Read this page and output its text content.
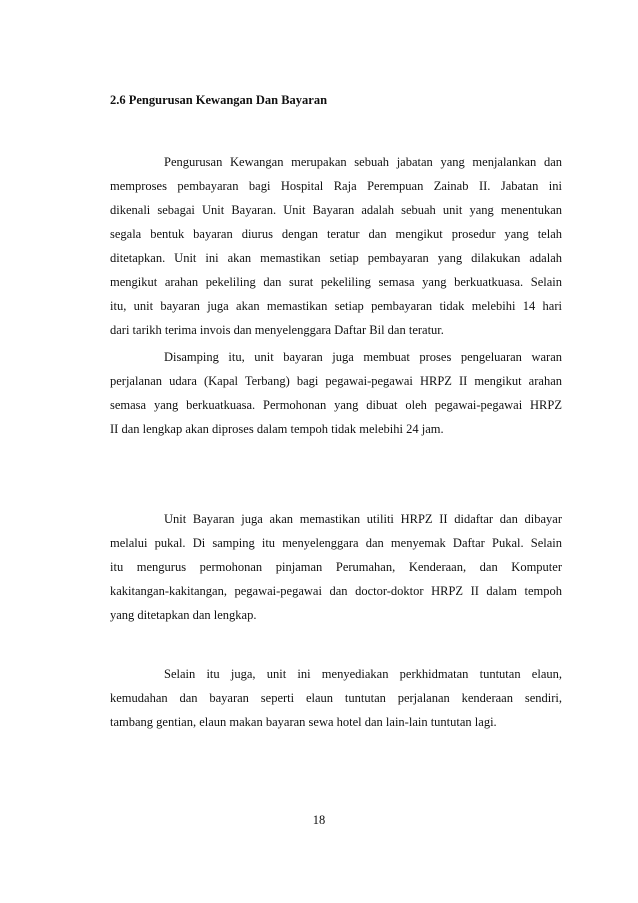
2.6 Pengurusan Kewangan Dan Bayaran
Pengurusan Kewangan merupakan sebuah jabatan yang menjalankan dan
memproses pembayaran bagi Hospital Raja Perempuan Zainab II. Jabatan ini
dikenali sebagai Unit Bayaran. Unit Bayaran adalah sebuah unit yang menentukan
segala bentuk bayaran diurus dengan teratur dan mengikut prosedur yang telah
ditetapkan. Unit ini akan memastikan setiap pembayaran yang dilakukan adalah
mengikut arahan pekeliling dan surat pekeliling semasa yang berkuatkuasa. Selain
itu, unit bayaran juga akan memastikan setiap pembayaran tidak melebihi 14 hari
dari tarikh terima invois dan menyelenggara Daftar Bil dan teratur.
Disamping itu, unit bayaran juga membuat proses pengeluaran waran
perjalanan udara (Kapal Terbang) bagi pegawai-pegawai HRPZ II mengikut arahan
semasa yang berkuatkuasa. Permohonan yang dibuat oleh pegawai-pegawai HRPZ
II dan lengkap akan diproses dalam tempoh tidak melebihi 24 jam.
Unit Bayaran juga akan memastikan utiliti HRPZ II didaftar dan dibayar
melalui pukal. Di samping itu menyelenggara dan menyemak Daftar Pukal. Selain
itu mengurus permohonan pinjaman Perumahan, Kenderaan, dan Komputer
kakitangan-kakitangan, pegawai-pegawai dan doctor-doktor HRPZ II dalam tempoh
yang ditetapkan dan lengkap.
Selain itu juga, unit ini menyediakan perkhidmatan tuntutan elaun,
kemudahan dan bayaran seperti elaun tuntutan perjalanan kenderaan sendiri,
tambang gentian, elaun makan bayaran sewa hotel dan lain-lain tuntutan lagi.
18
